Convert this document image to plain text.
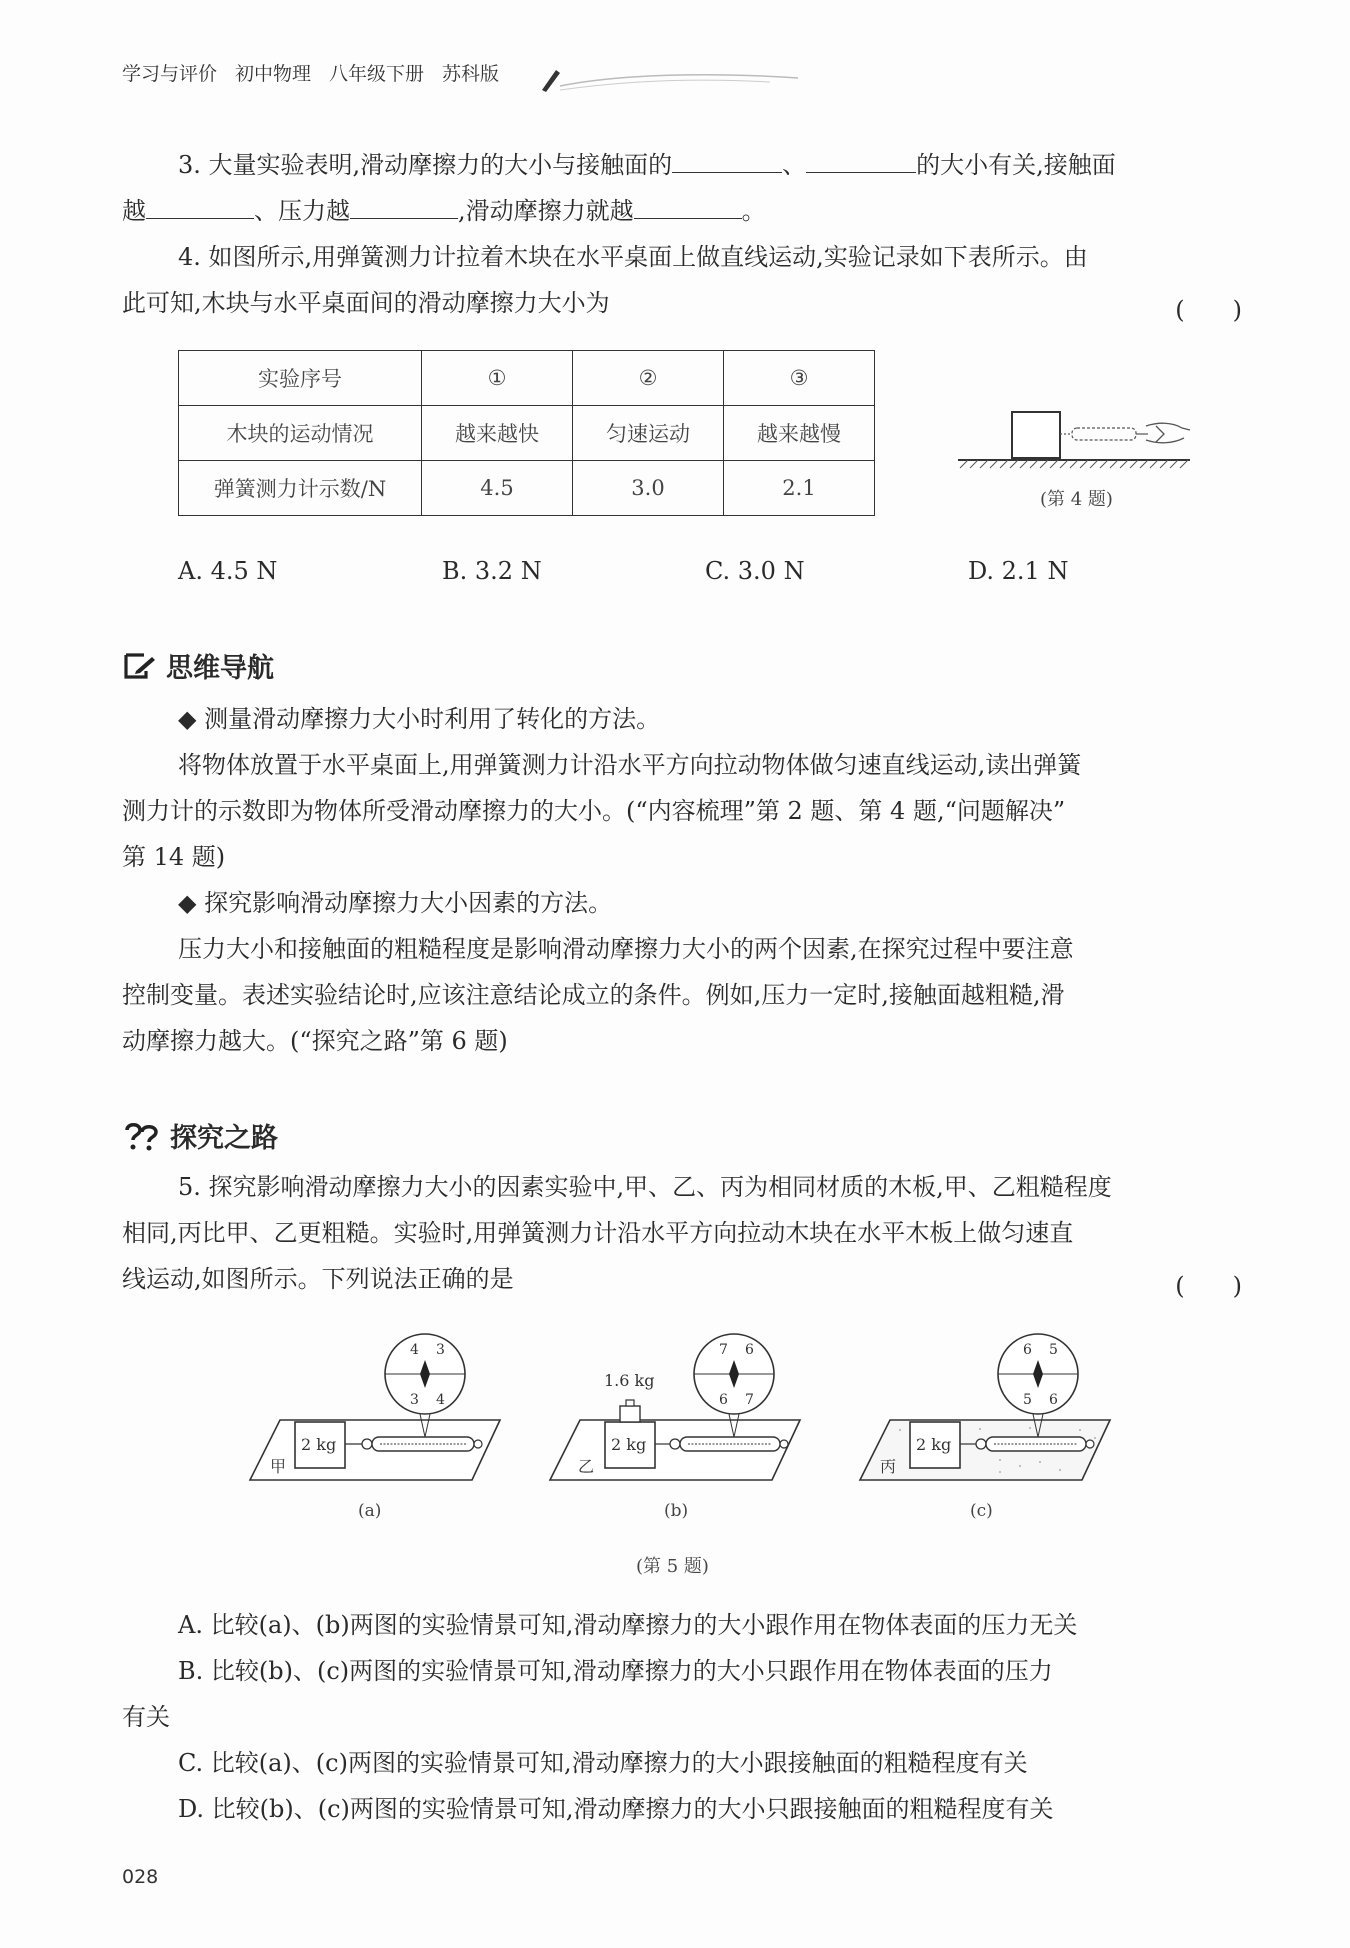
学习与评价 初中物理 八年级下册 苏科版

3. 大量实验表明,滑动摩擦力的大小与接触面的	、	的大小有关,接触面

越	、压力越	,滑动摩擦力就越	。

4. 如图所示,用弹簧测力计拉着木块在水平桌面上做直线运动,实验记录如下表所示。由

此可知,木块与水平桌面间的滑动摩擦力大小为	(　　)
实验序号	①	②	③
木块的运动情况	越来越快	匀速运动	越来越慢
弹簧测力计示数/N	4.5	3.0	2.1	(第 4 题)
A. 4.5 N	B. 3.2 N	C. 3.0 N	D. 2.1 N
思维导航

◆ 测量滑动摩擦力大小时利用了转化的方法。

将物体放置于水平桌面上,用弹簧测力计沿水平方向拉动物体做匀速直线运动,读出弹簧

测力计的示数即为物体所受滑动摩擦力的大小。(“内容梳理”第 2 题、第 4 题,“问题解决”

第 14 题)

◆ 探究影响滑动摩擦力大小因素的方法。

压力大小和接触面的粗糙程度是影响滑动摩擦力大小的两个因素,在探究过程中要注意

控制变量。表述实验结论时,应该注意结论成立的条件。例如,压力一定时,接触面越粗糙,滑

动摩擦力越大。(“探究之路”第 6 题)

探究之路

5. 探究影响滑动摩擦力大小的因素实验中,甲、乙、丙为相同材质的木板,甲、乙粗糙程度

相同,丙比甲、乙更粗糙。实验时,用弹簧测力计沿水平方向拉动木块在水平木板上做匀速直

线运动,如图所示。下列说法正确的是	(　　)
甲
2 kg
4 3
3 4
(a)
乙
2 kg
1.6 kg
7 6
6 7
(b)
丙
2 kg
6 5
5 6
(c)
(第 5 题)

A. 比较(a)、(b)两图的实验情景可知,滑动摩擦力的大小跟作用在物体表面的压力无关

B. 比较(b)、(c)两图的实验情景可知,滑动摩擦力的大小只跟作用在物体表面的压力

有关

C. 比较(a)、(c)两图的实验情景可知,滑动摩擦力的大小跟接触面的粗糙程度有关

D. 比较(b)、(c)两图的实验情景可知,滑动摩擦力的大小只跟接触面的粗糙程度有关

028
